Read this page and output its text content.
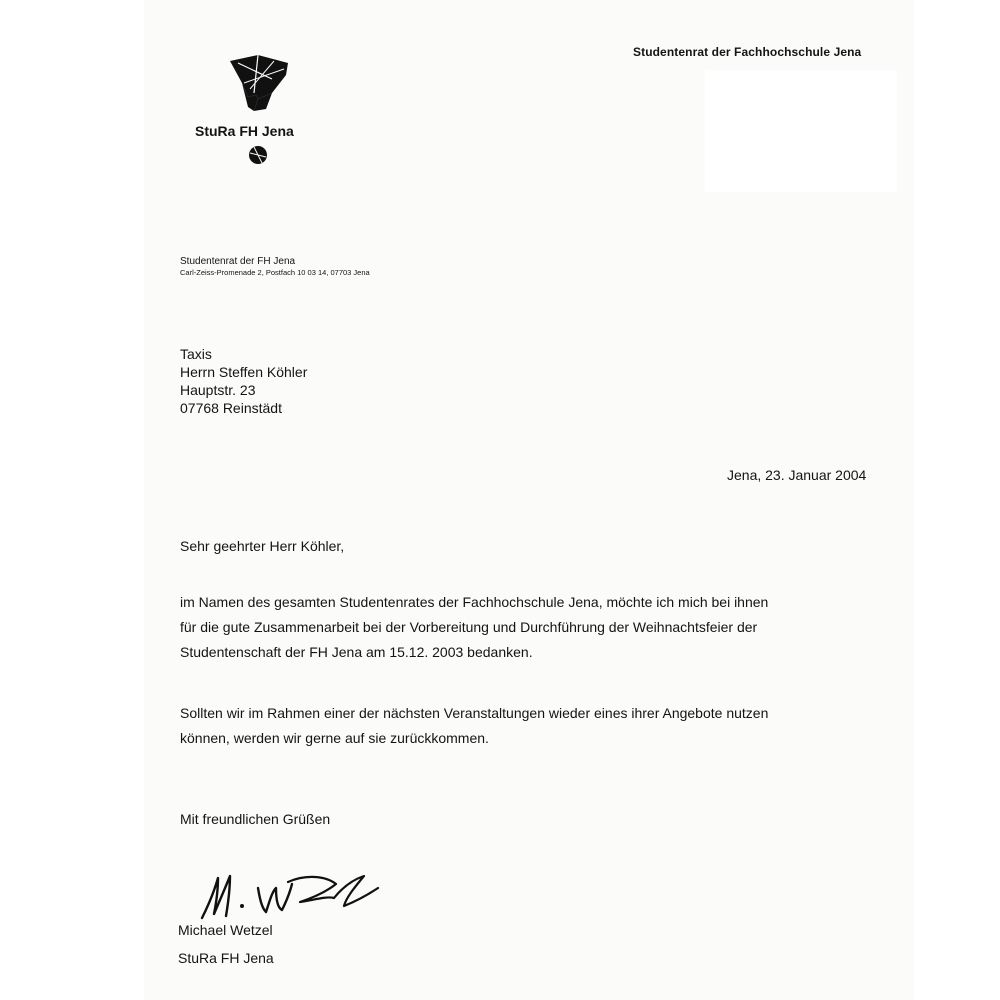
Studentenrat der Fachhochschule Jena
StuRa FH Jena
Studentenrat der FH Jena
Carl-Zeiss-Promenade 2, Postfach 10 03 14, 07703 Jena
Taxis
Herrn Steffen Köhler
Hauptstr. 23
07768 Reinstädt
Jena, 23. Januar 2004
Sehr geehrter Herr Köhler,
im Namen des gesamten Studentenrates der Fachhochschule Jena, möchte ich mich bei ihnen
für die gute Zusammenarbeit bei der Vorbereitung und Durchführung der Weihnachtsfeier der
Studentenschaft der FH Jena am 15.12. 2003 bedanken.
Sollten wir im Rahmen einer der nächsten Veranstaltungen wieder eines ihrer Angebote nutzen
können, werden wir gerne auf sie zurückkommen.
Mit freundlichen Grüßen
Michael Wetzel
StuRa FH Jena
